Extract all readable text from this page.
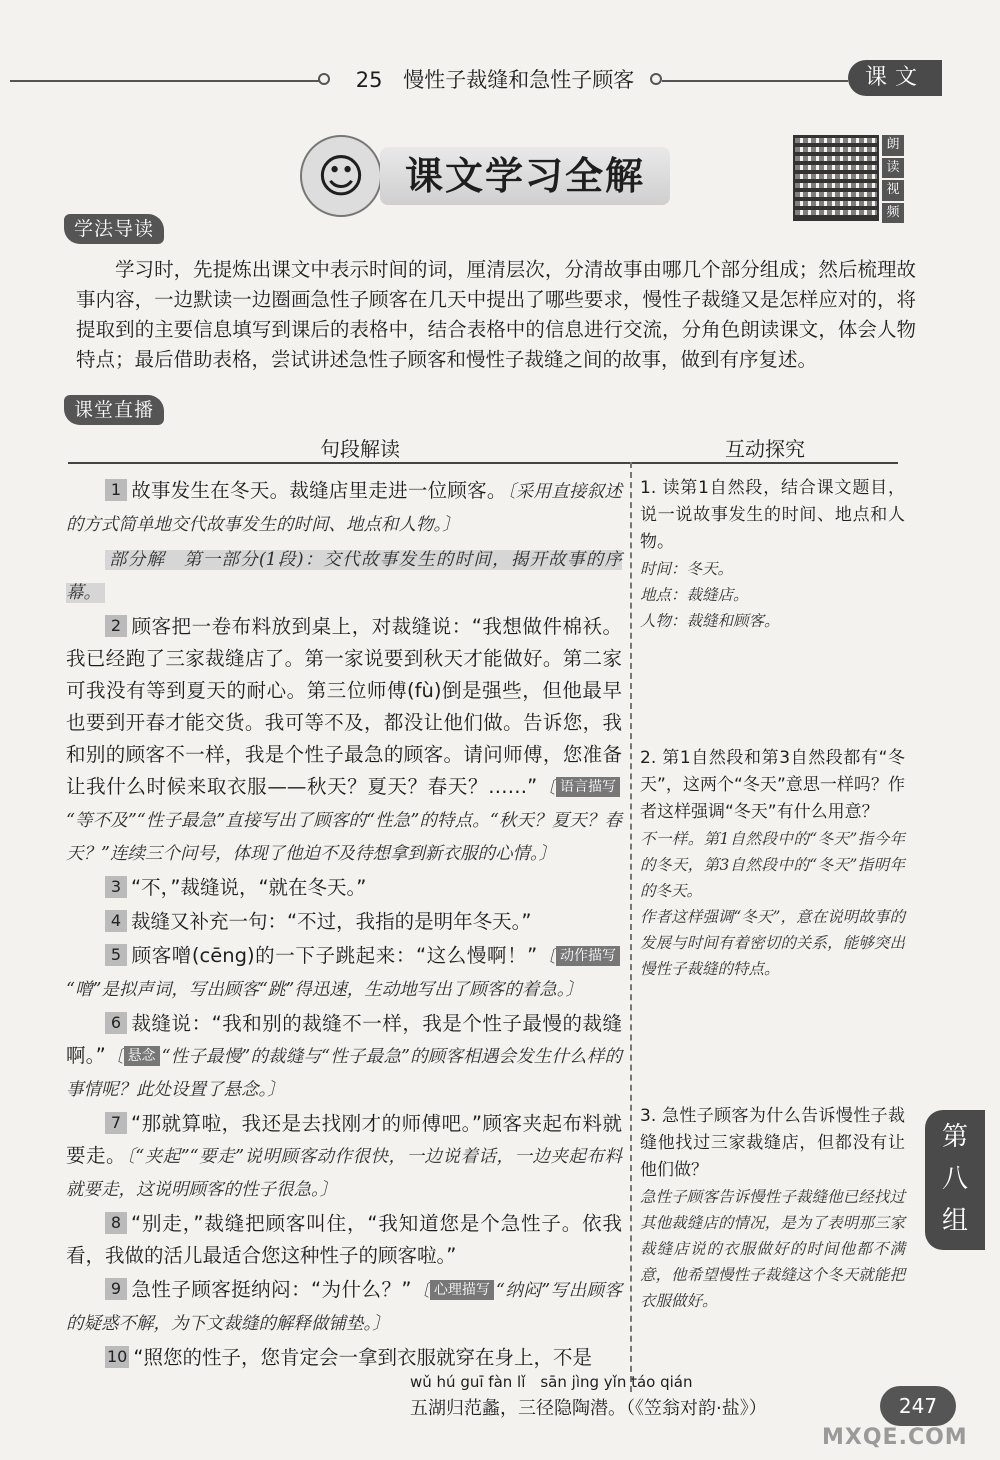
25 慢性子裁缝和急性子顾客	课文
☺	课文学习全解
朗
读
视
频
学法导读
学习时，先提炼出课文中表示时间的词，厘清层次，分清故事由哪几个部分组成；然后梳理故事内容，一边默读一边圈画急性子顾客在几天中提出了哪些要求，慢性子裁缝又是怎样应对的，将提取到的主要信息填写到课后的表格中，结合表格中的信息进行交流，分角色朗读课文，体会人物特点；最后借助表格，尝试讲述急性子顾客和慢性子裁缝之间的故事，做到有序复述。
课堂直播
句段解读	互动探究

1 故事发生在冬天。裁缝店里走进一位顾客。〔采用直接叙述的方式简单地交代故事发生的时间、地点和人物。〕

部分解　第一部分(1段)：交代故事发生的时间，揭开故事的序幕。

2 顾客把一卷布料放到桌上，对裁缝说：“我想做件棉袄。我已经跑了三家裁缝店了。第一家说要到秋天才能做好。第二家可我没有等到夏天的耐心。第三位师傅(fù)倒是强些，但他最早也要到开春才能交货。我可等不及，都没让他们做。告诉您，我和别的顾客不一样，我是个性子最急的顾客。请问师傅，您准备让我什么时候来取衣服——秋天？夏天？春天？……”〔 语言描写“等不及”“性子最急”直接写出了顾客的“性急”的特点。“秋天？夏天？春天？”连续三个问号，体现了他迫不及待想拿到新衣服的心情。〕

3 “不，”裁缝说，“就在冬天。”

4 裁缝又补充一句：“不过，我指的是明年冬天。”

5 顾客噌(cēng)的一下子跳起来：“这么慢啊！”〔 动作描写“噌”是拟声词，写出顾客“跳”得迅速，生动地写出了顾客的着急。〕

6 裁缝说：“我和别的裁缝不一样，我是个性子最慢的裁缝啊。”〔 悬念 “性子最慢”的裁缝与“性子最急”的顾客相遇会发生什么样的事情呢？此处设置了悬念。〕

7 “那就算啦，我还是去找刚才的师傅吧。”顾客夹起布料就要走。〔“夹起”“要走”说明顾客动作很快，一边说着话，一边夹起布料就要走，这说明顾客的性子很急。〕

8 “别走，”裁缝把顾客叫住，“我知道您是个急性子。依我看，我做的活儿最适合您这种性子的顾客啦。”

9 急性子顾客挺纳闷：“为什么？”〔 心理描写 “纳闷”写出顾客的疑惑不解，为下文裁缝的解释做铺垫。〕

10 “照您的性子，您肯定会一拿到衣服就穿在身上，不是

1. 读第1自然段，结合课文题目，说一说故事发生的时间、地点和人物。

时间：冬天。

地点：裁缝店。

人物：裁缝和顾客。

2. 第1自然段和第3自然段都有“冬天”，这两个“冬天”意思一样吗？作者这样强调“冬天”有什么用意？

不一样。第1自然段中的“冬天”指今年的冬天，第3自然段中的“冬天”指明年的冬天。

作者这样强调“冬天”，意在说明故事的发展与时间有着密切的关系，能够突出慢性子裁缝的特点。

3. 急性子顾客为什么告诉慢性子裁缝他找过三家裁缝店，但都没有让他们做？

急性子顾客告诉慢性子裁缝他已经找过其他裁缝店的情况，是为了表明那三家裁缝店说的衣服做好的时间他都不满意，他希望慢性子裁缝这个冬天就能把衣服做好。

第
八
组
wǔ hú guī fàn lǐ　sān jìng yǐn táo qián
五湖归范蠡，三径隐陶潜。（《笠翁对韵·盐》）	247
MXQE.COM
